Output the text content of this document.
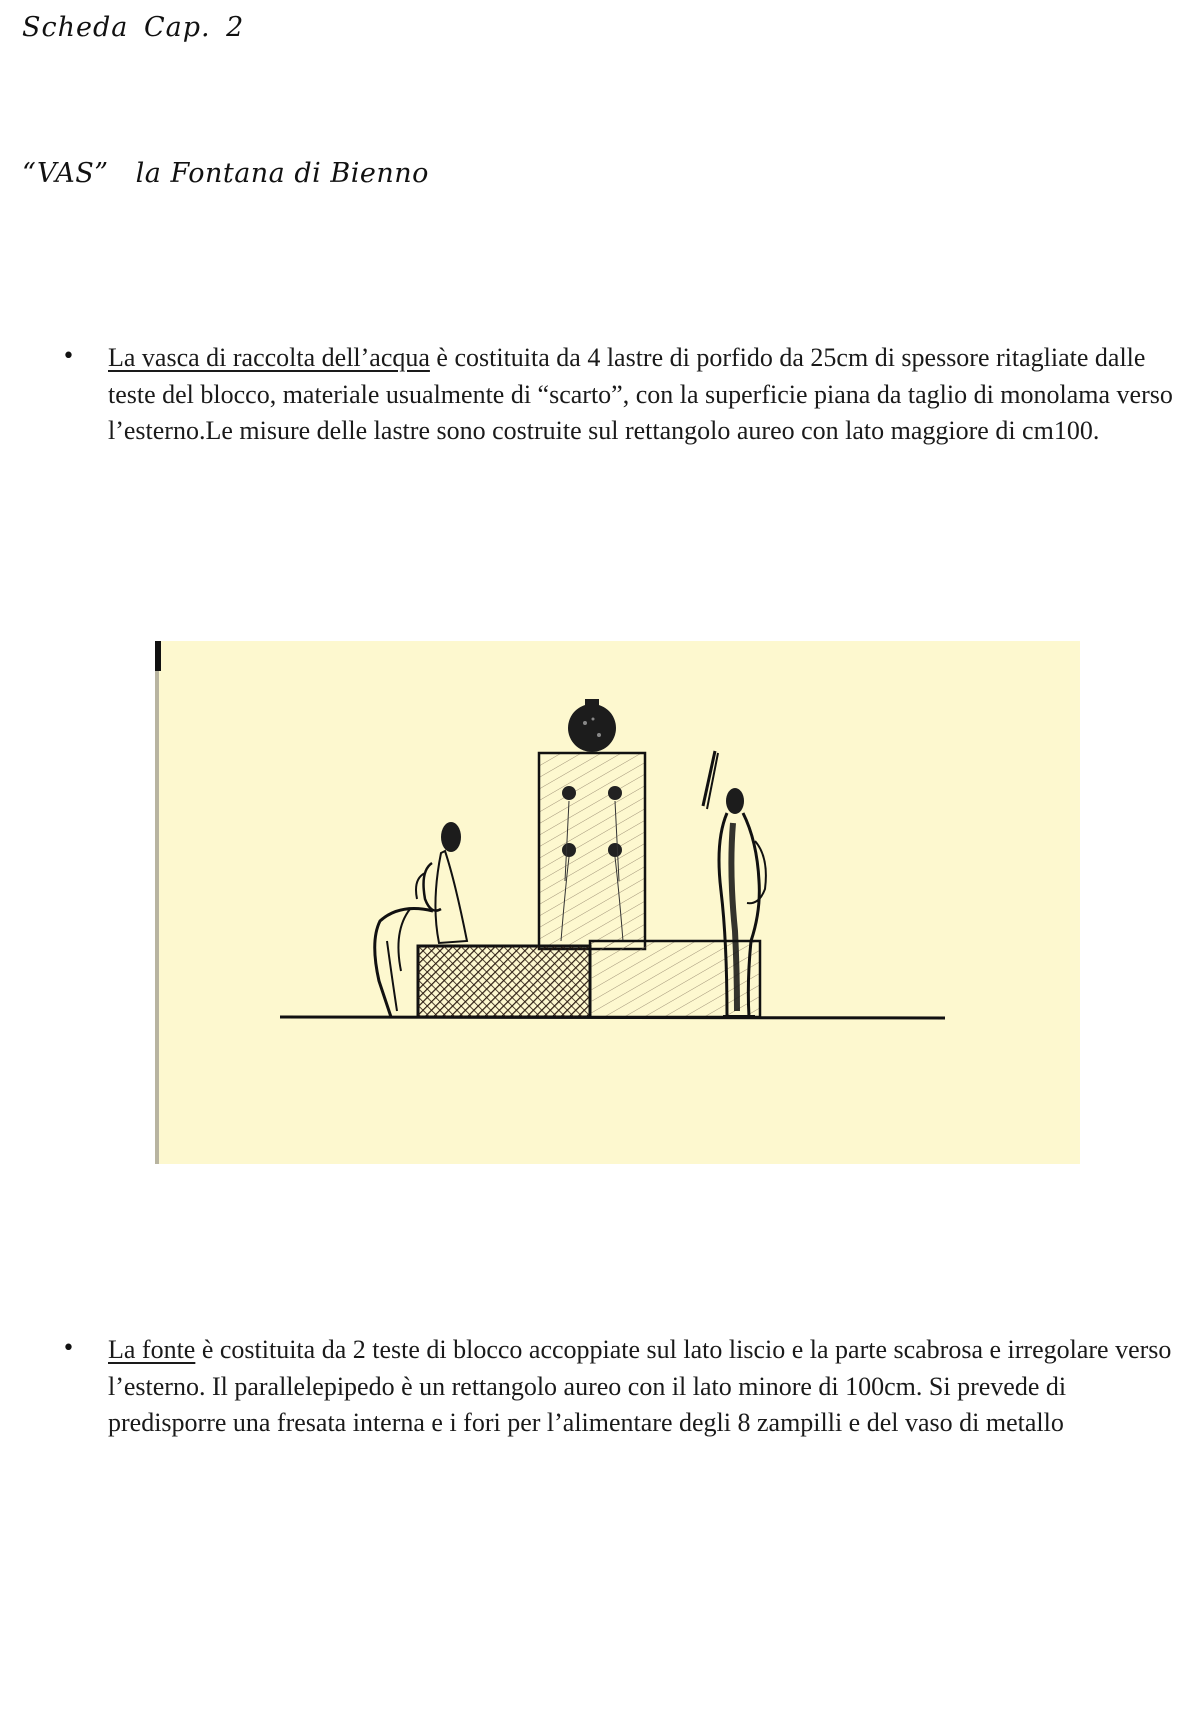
Scheda Cap. 2
“VAS” la Fontana di Bienno
• La vasca di raccolta dell’acqua è costituita da 4 lastre di porfido da 25cm di spessore ritagliate dalle teste del blocco, materiale usualmente di “scarto”, con la superficie piana da taglio di monolama verso l’esterno.Le misure delle lastre sono costruite sul rettangolo aureo con lato maggiore di cm100.
• La fonte è costituita da 2 teste di blocco accoppiate sul lato liscio e la parte scabrosa e irregolare verso l’esterno. Il parallelepipedo è un rettangolo aureo con il lato minore di 100cm. Si prevede di predisporre una fresata interna e i fori per l’alimentare degli 8 zampilli e del vaso di metallo
